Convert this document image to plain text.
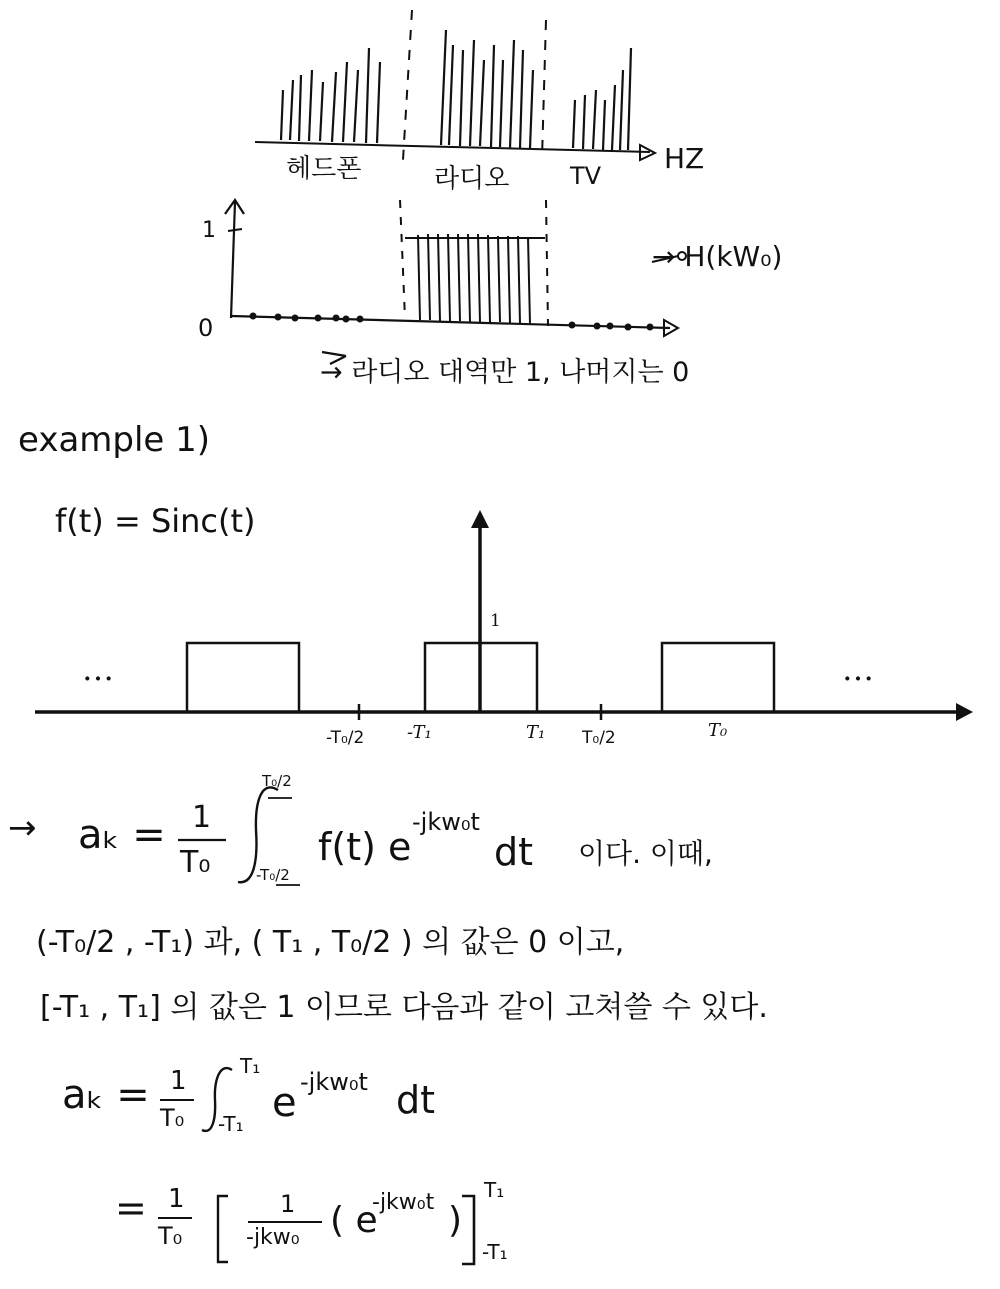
헤드폰	라디오	TV
HZ
1
0
→ H(kW₀)
→ 라디오 대역만 1, 나머지는 0
example 1)
f(t) = Sinc(t)
…	…
1
-T₀/2 -T₁	T₁ T₀/2	T₀
→ aₖ = 1
T₀
T₀/2
-T₀/2
f(t) e
-jkw₀t
dt 이다. 이때,
(-T₀/2 , -T₁) 과, ( T₁ , T₀/2 ) 의 값은 0 이고,
[-T₁ , T₁] 의 값은 1 이므로 다음과 같이 고쳐쓸 수 있다.
aₖ = 1
T₀
T₁
-T₁ e -jkw₀t dt
= 1
T₀
1
-jkw₀ ( e
-jkw₀t )
T₁
-T₁
